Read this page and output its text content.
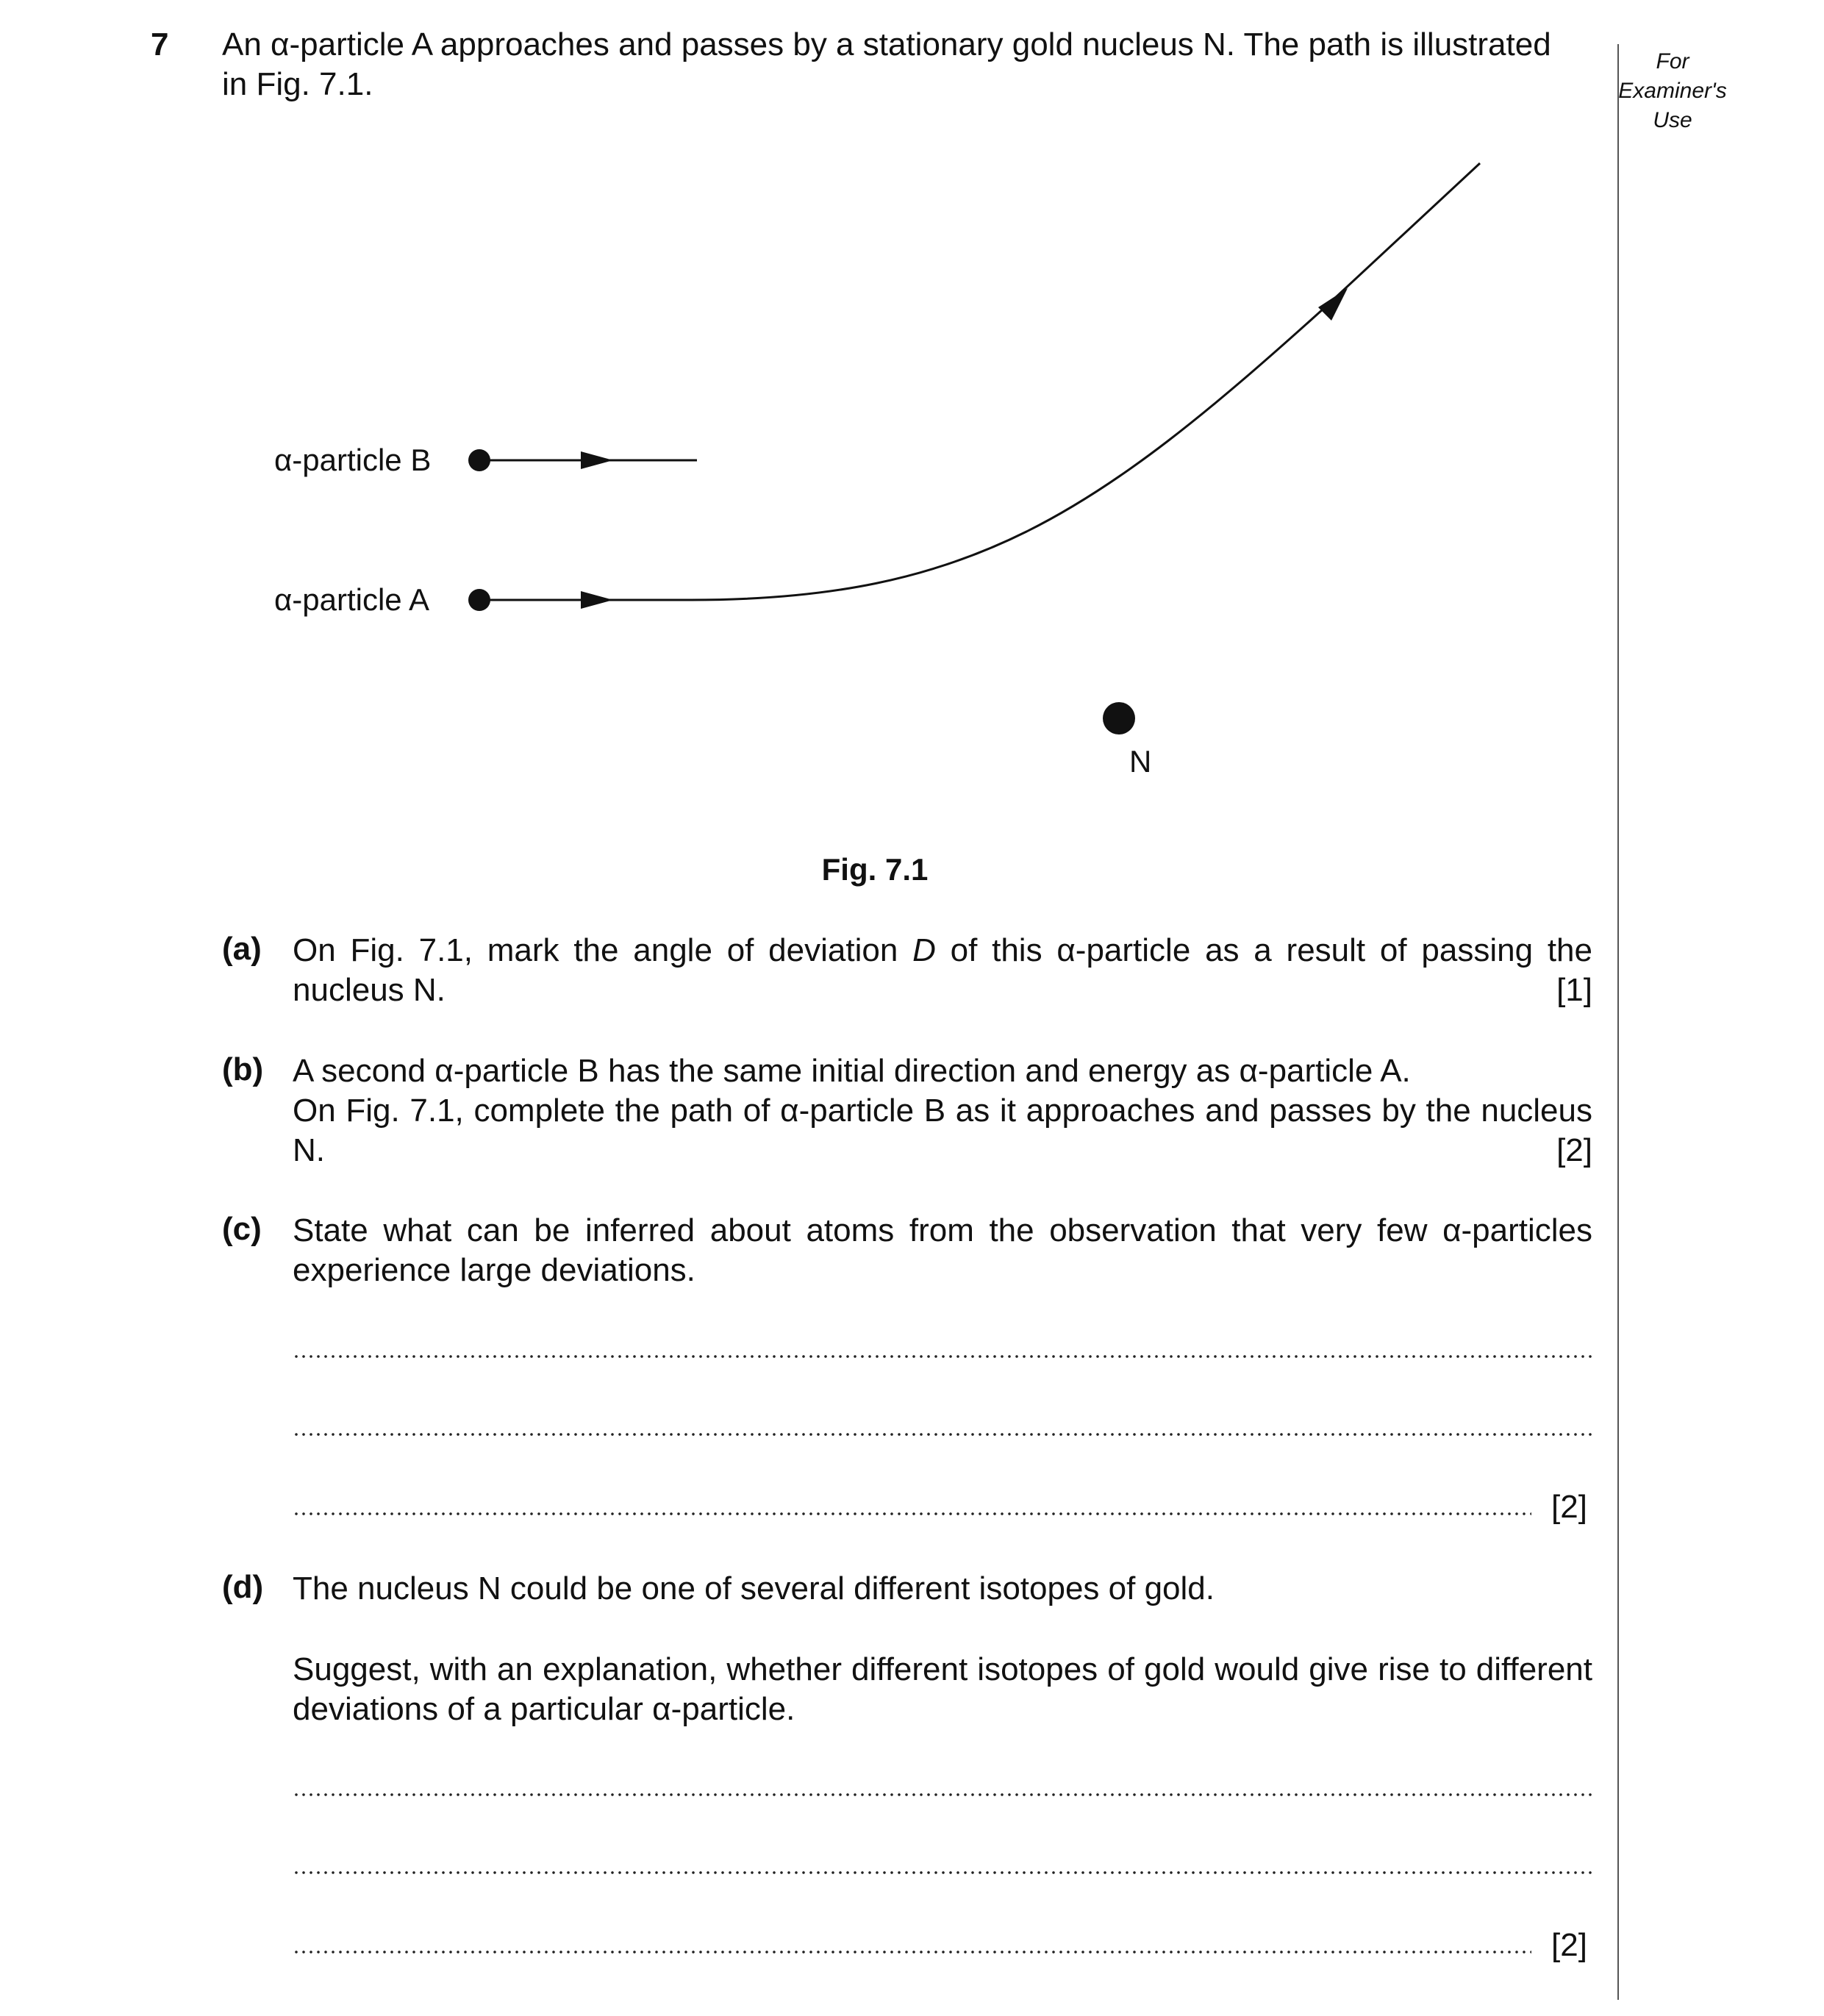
7 An α-particle A approaches and passes by a stationary gold nucleus N. The path is illustrated
in Fig. 7.1.
For
Examiner's
Use
α-particle B
α-particle A
N
Fig. 7.1
(a) On Fig. 7.1, mark the angle of deviation D of this α-particle as a result of passing the nucleus N.	[1]
(b) A second α-particle B has the same initial direction and energy as α-particle A.
On Fig. 7.1, complete the path of α-particle B as it approaches and passes by the nucleus N.	[2]
(c) State what can be inferred about atoms from the observation that very few α-particles experience large deviations.
[2]
(d) The nucleus N could be one of several different isotopes of gold.
Suggest, with an explanation, whether different isotopes of gold would give rise to different deviations of a particular α-particle.
[2]
